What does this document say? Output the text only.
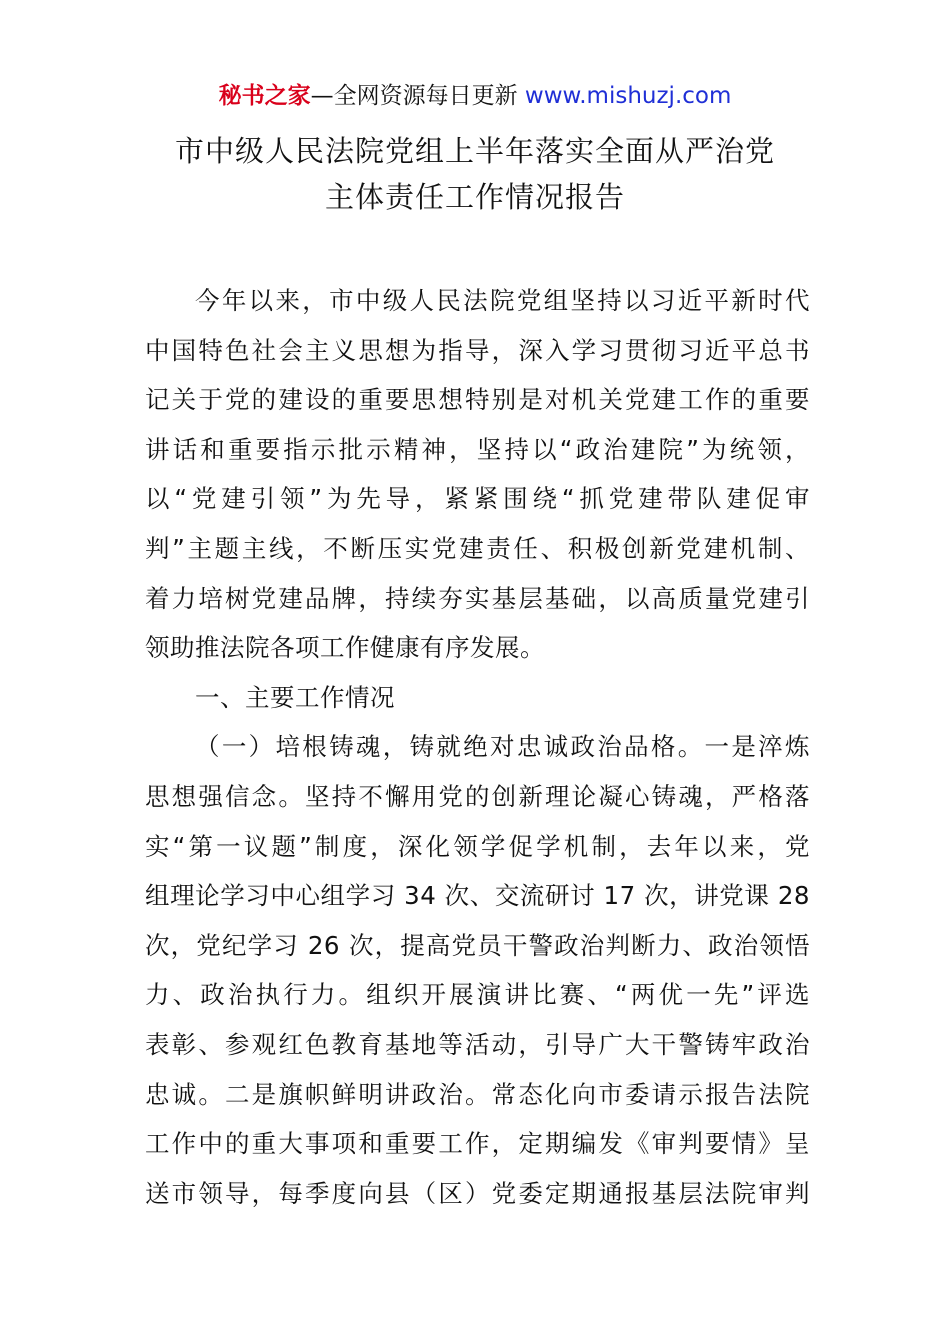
秘书之家—全网资源每日更新 www.mishuzj.com
市中级人民法院党组上半年落实全面从严治党
主体责任工作情况报告
今年以来，市中级人民法院党组坚持以习近平新时代
中国特色社会主义思想为指导，深入学习贯彻习近平总书
记关于党的建设的重要思想特别是对机关党建工作的重要
讲话和重要指示批示精神，坚持以“政治建院”为统领，
以“党建引领”为先导，紧紧围绕“抓党建带队建促审
判”主题主线，不断压实党建责任、积极创新党建机制、
着力培树党建品牌，持续夯实基层基础，以高质量党建引
领助推法院各项工作健康有序发展。
一、主要工作情况
（一）培根铸魂，铸就绝对忠诚政治品格。一是淬炼
思想强信念。坚持不懈用党的创新理论凝心铸魂，严格落
实“第一议题”制度，深化领学促学机制，去年以来，党
组理论学习中心组学习 34 次、交流研讨 17 次，讲党课 28
次，党纪学习 26 次，提高党员干警政治判断力、政治领悟
力、政治执行力。组织开展演讲比赛、“两优一先”评选
表彰、参观红色教育基地等活动，引导广大干警铸牢政治
忠诚。二是旗帜鲜明讲政治。常态化向市委请示报告法院
工作中的重大事项和重要工作，定期编发《审判要情》呈
送市领导，每季度向县（区）党委定期通报基层法院审判
